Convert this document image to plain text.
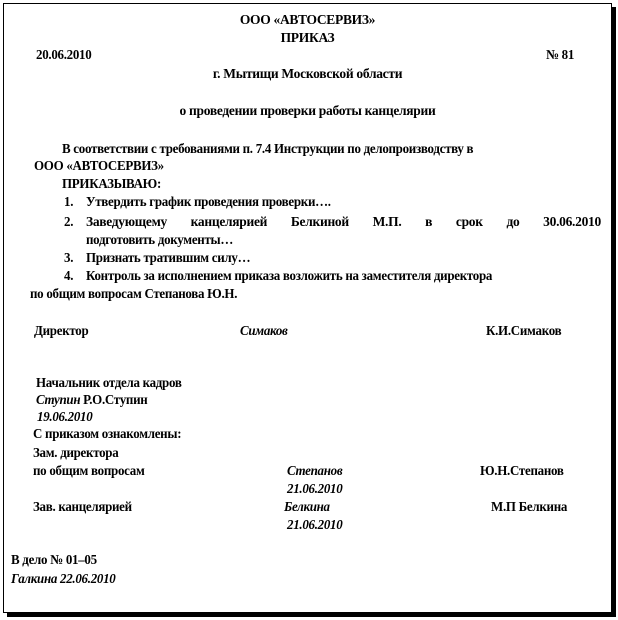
ООО «АВТОСЕРВИЗ»
ПРИКАЗ
20.06.2010	№ 81
г. Мытищи Московской области
о проведении проверки работы канцелярии
В соответствии с требованиями п. 7.4 Инструкции по делопроизводству в
ООО «АВТОСЕРВИЗ»
ПРИКАЗЫВАЮ:
1. Утвердить график проведения проверки….
2. Заведующему канцелярией Белкиной М.П. в срок до 30.06.2010
подготовить документы…
3. Признать тратившим силу…
4. Контроль за исполнением приказа возложить на заместителя директора
по общим вопросам Степанова Ю.Н.
Директор	Симаков	К.И.Симаков
Начальник отдела кадров
Ступин Р.О.Ступин
19.06.2010
С приказом ознакомлены:
Зам. директора
по общим вопросам	Степанов	Ю.Н.Степанов
21.06.2010
Зав. канцелярией	Белкина	М.П Белкина
21.06.2010
В дело № 01–05
Галкина 22.06.2010
